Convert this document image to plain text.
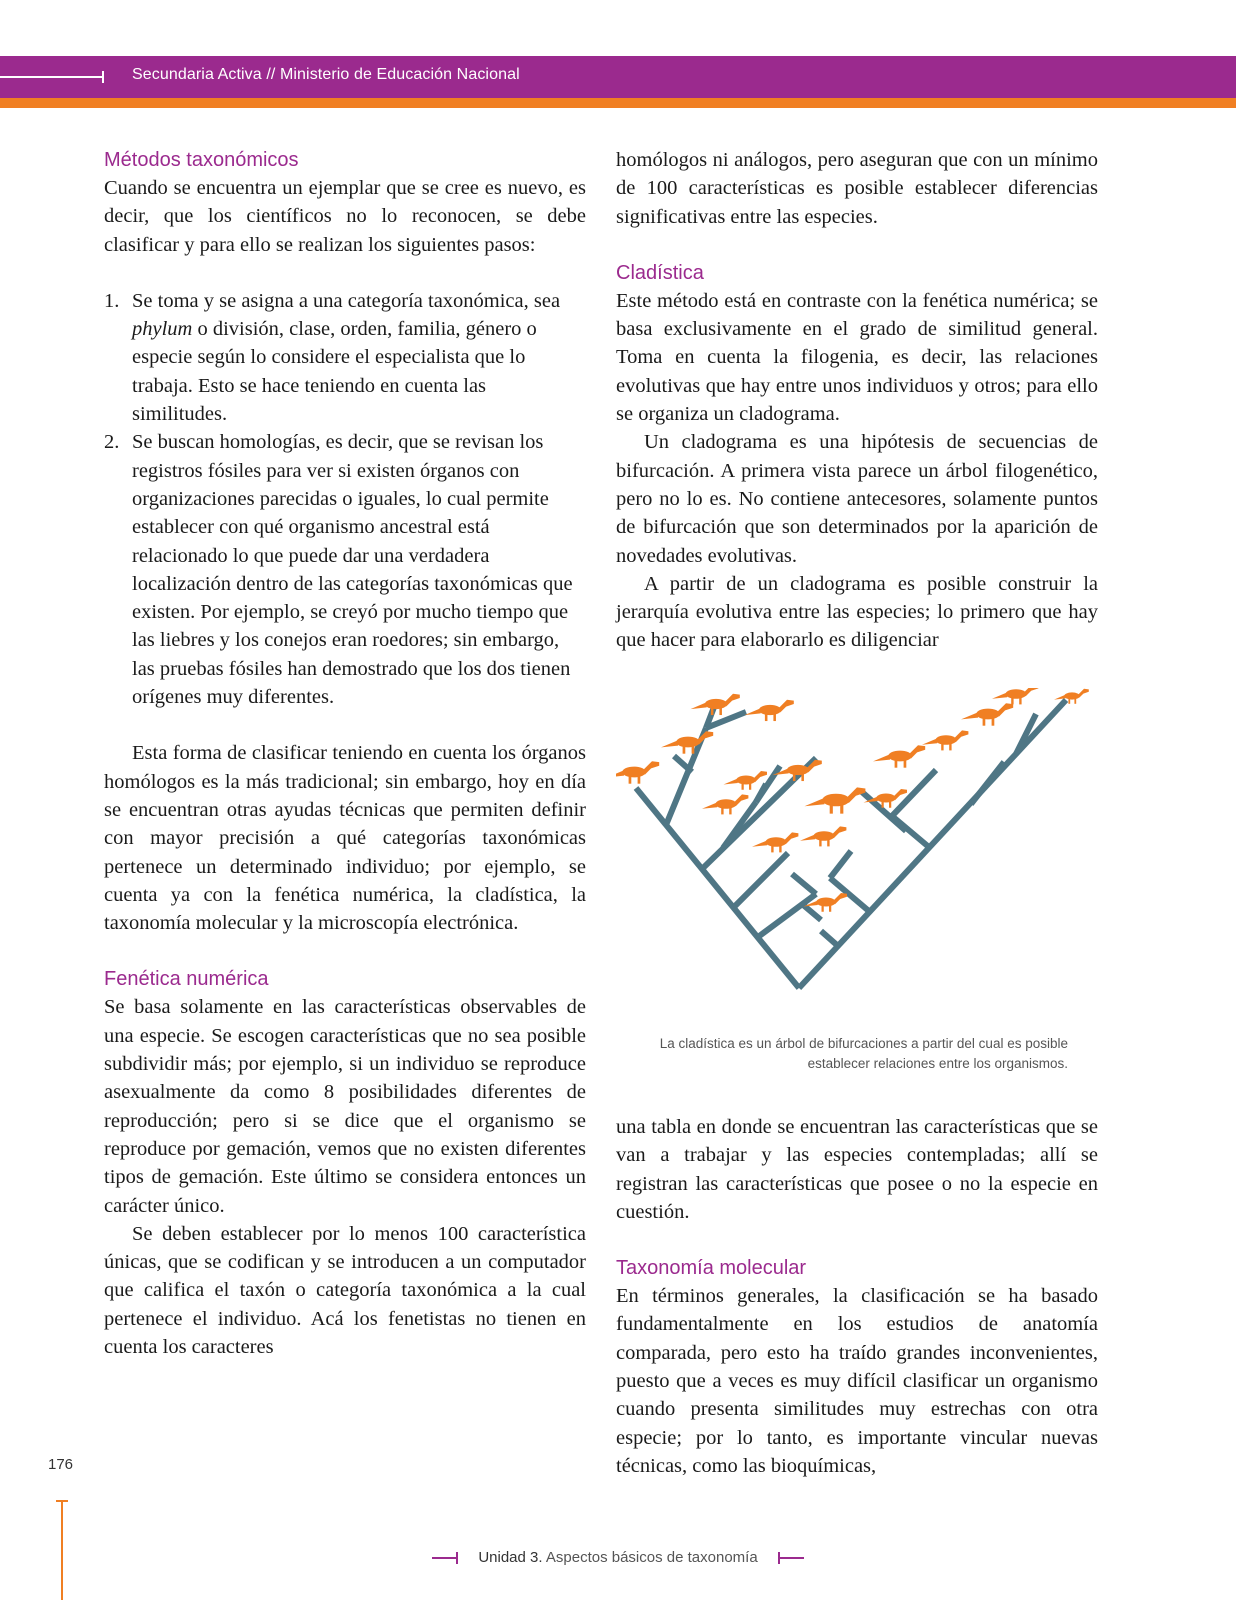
Secundaria Activa // Ministerio de Educación Nacional
Métodos taxonómicos

Cuando se encuentra un ejemplar que se cree es nuevo, es decir, que los científicos no lo reconocen, se debe clasificar y para ello se realizan los siguientes pasos:

1. Se toma y se asigna a una categoría taxonómica, sea phylum o división, clase, orden, familia, género o especie según lo considere el especialista que lo trabaja. Esto se hace teniendo en cuenta las similitudes.
2. Se buscan homologías, es decir, que se revisan los registros fósiles para ver si existen órganos con organizaciones parecidas o iguales, lo cual permite establecer con qué organismo ancestral está relacionado lo que puede dar una verdadera localización dentro de las categorías taxonómicas que existen. Por ejemplo, se creyó por mucho tiempo que las liebres y los conejos eran roedores; sin embargo, las pruebas fósiles han demostrado que los dos tienen orígenes muy diferentes.

Esta forma de clasificar teniendo en cuenta los órganos homólogos es la más tradicional; sin embargo, hoy en día se encuentran otras ayudas técnicas que permiten definir con mayor precisión a qué categorías taxonómicas pertenece un determinado individuo; por ejemplo, se cuenta ya con la fenética numérica, la cladística, la taxonomía molecular y la microscopía electrónica.

Fenética numérica

Se basa solamente en las características observables de una especie. Se escogen características que no sea posible subdividir más; por ejemplo, si un individuo se reproduce asexualmente da como 8 posibilidades diferentes de reproducción; pero si se dice que el organismo se reproduce por gemación, vemos que no existen diferentes tipos de gemación. Este último se considera entonces un carácter único.

Se deben establecer por lo menos 100 característica únicas, que se codifican y se introducen a un computador que califica el taxón o categoría taxonómica a la cual pertenece el individuo. Acá los fenetistas no tienen en cuenta los caracteres

homólogos ni análogos, pero aseguran que con un mínimo de 100 características es posible establecer diferencias significativas entre las especies.

Cladística

Este método está en contraste con la fenética numérica; se basa exclusivamente en el grado de similitud general. Toma en cuenta la filogenia, es decir, las relaciones evolutivas que hay entre unos individuos y otros; para ello se organiza un cladograma.

Un cladograma es una hipótesis de secuencias de bifurcación. A primera vista parece un árbol filogenético, pero no lo es. No contiene antecesores, solamente puntos de bifurcación que son determinados por la aparición de novedades evolutivas.

A partir de un cladograma es posible construir la jerarquía evolutiva entre las especies; lo primero que hay que hacer para elaborarlo es diligenciar

La cladística es un árbol de bifurcaciones a partir del cual es posible establecer relaciones entre los organismos.

una tabla en donde se encuentran las características que se van a trabajar y las especies contempladas; allí se registran las características que posee o no la especie en cuestión.

Taxonomía molecular

En términos generales, la clasificación se ha basado fundamentalmente en los estudios de anatomía comparada, pero esto ha traído grandes inconvenientes, puesto que a veces es muy difícil clasificar un organismo cuando presenta similitudes muy estrechas con otra especie; por lo tanto, es importante vincular nuevas técnicas, como las bioquímicas,

176
Unidad 3. Aspectos básicos de taxonomía
